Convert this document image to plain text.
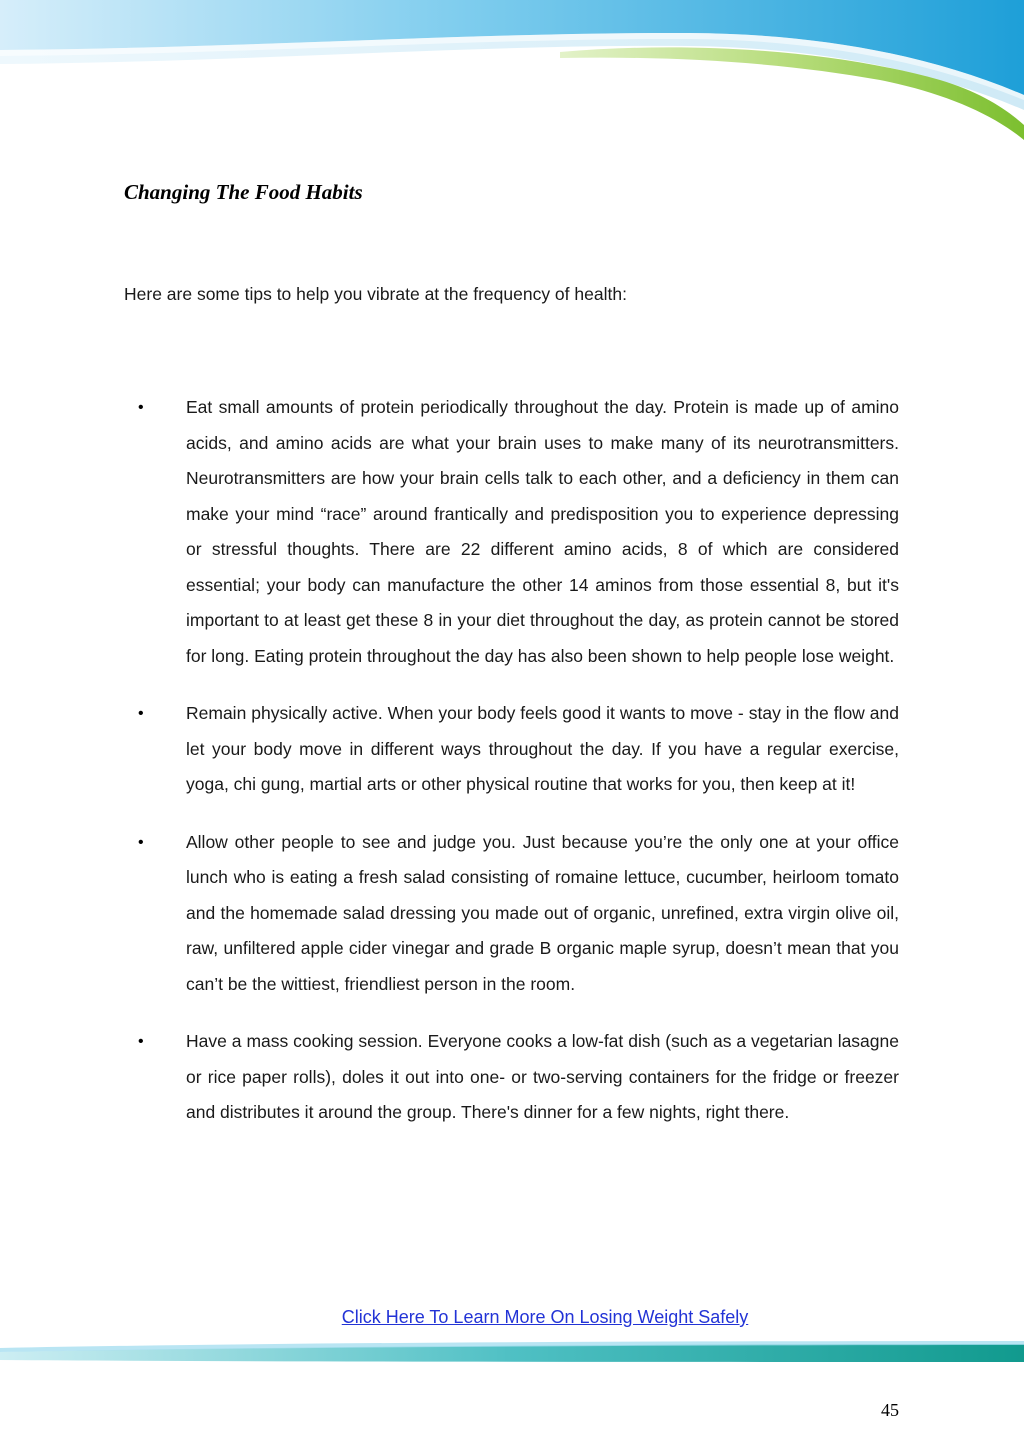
Changing The Food Habits

Here are some tips to help you vibrate at the frequency of health:

• Eat small amounts of protein periodically throughout the day. Protein is made up of amino acids, and amino acids are what your brain uses to make many of its neurotransmitters. Neurotransmitters are how your brain cells talk to each other, and a deficiency in them can make your mind “race” around frantically and predisposition you to experience depressing or stressful thoughts. There are 22 different amino acids, 8 of which are considered essential; your body can manufacture the other 14 aminos from those essential 8, but it's important to at least get these 8 in your diet throughout the day, as protein cannot be stored for long. Eating protein throughout the day has also been shown to help people lose weight.
• Remain physically active. When your body feels good it wants to move - stay in the flow and let your body move in different ways throughout the day. If you have a regular exercise, yoga, chi gung, martial arts or other physical routine that works for you, then keep at it!
• Allow other people to see and judge you. Just because you’re the only one at your office lunch who is eating a fresh salad consisting of romaine lettuce, cucumber, heirloom tomato and the homemade salad dressing you made out of organic, unrefined, extra virgin olive oil, raw, unfiltered apple cider vinegar and grade B organic maple syrup, doesn’t mean that you can’t be the wittiest, friendliest person in the room.
• Have a mass cooking session. Everyone cooks a low-fat dish (such as a vegetarian lasagne or rice paper rolls), doles it out into one- or two-serving containers for the fridge or freezer and distributes it around the group. There's dinner for a few nights, right there.

Click Here To Learn More On Losing Weight Safely

45
